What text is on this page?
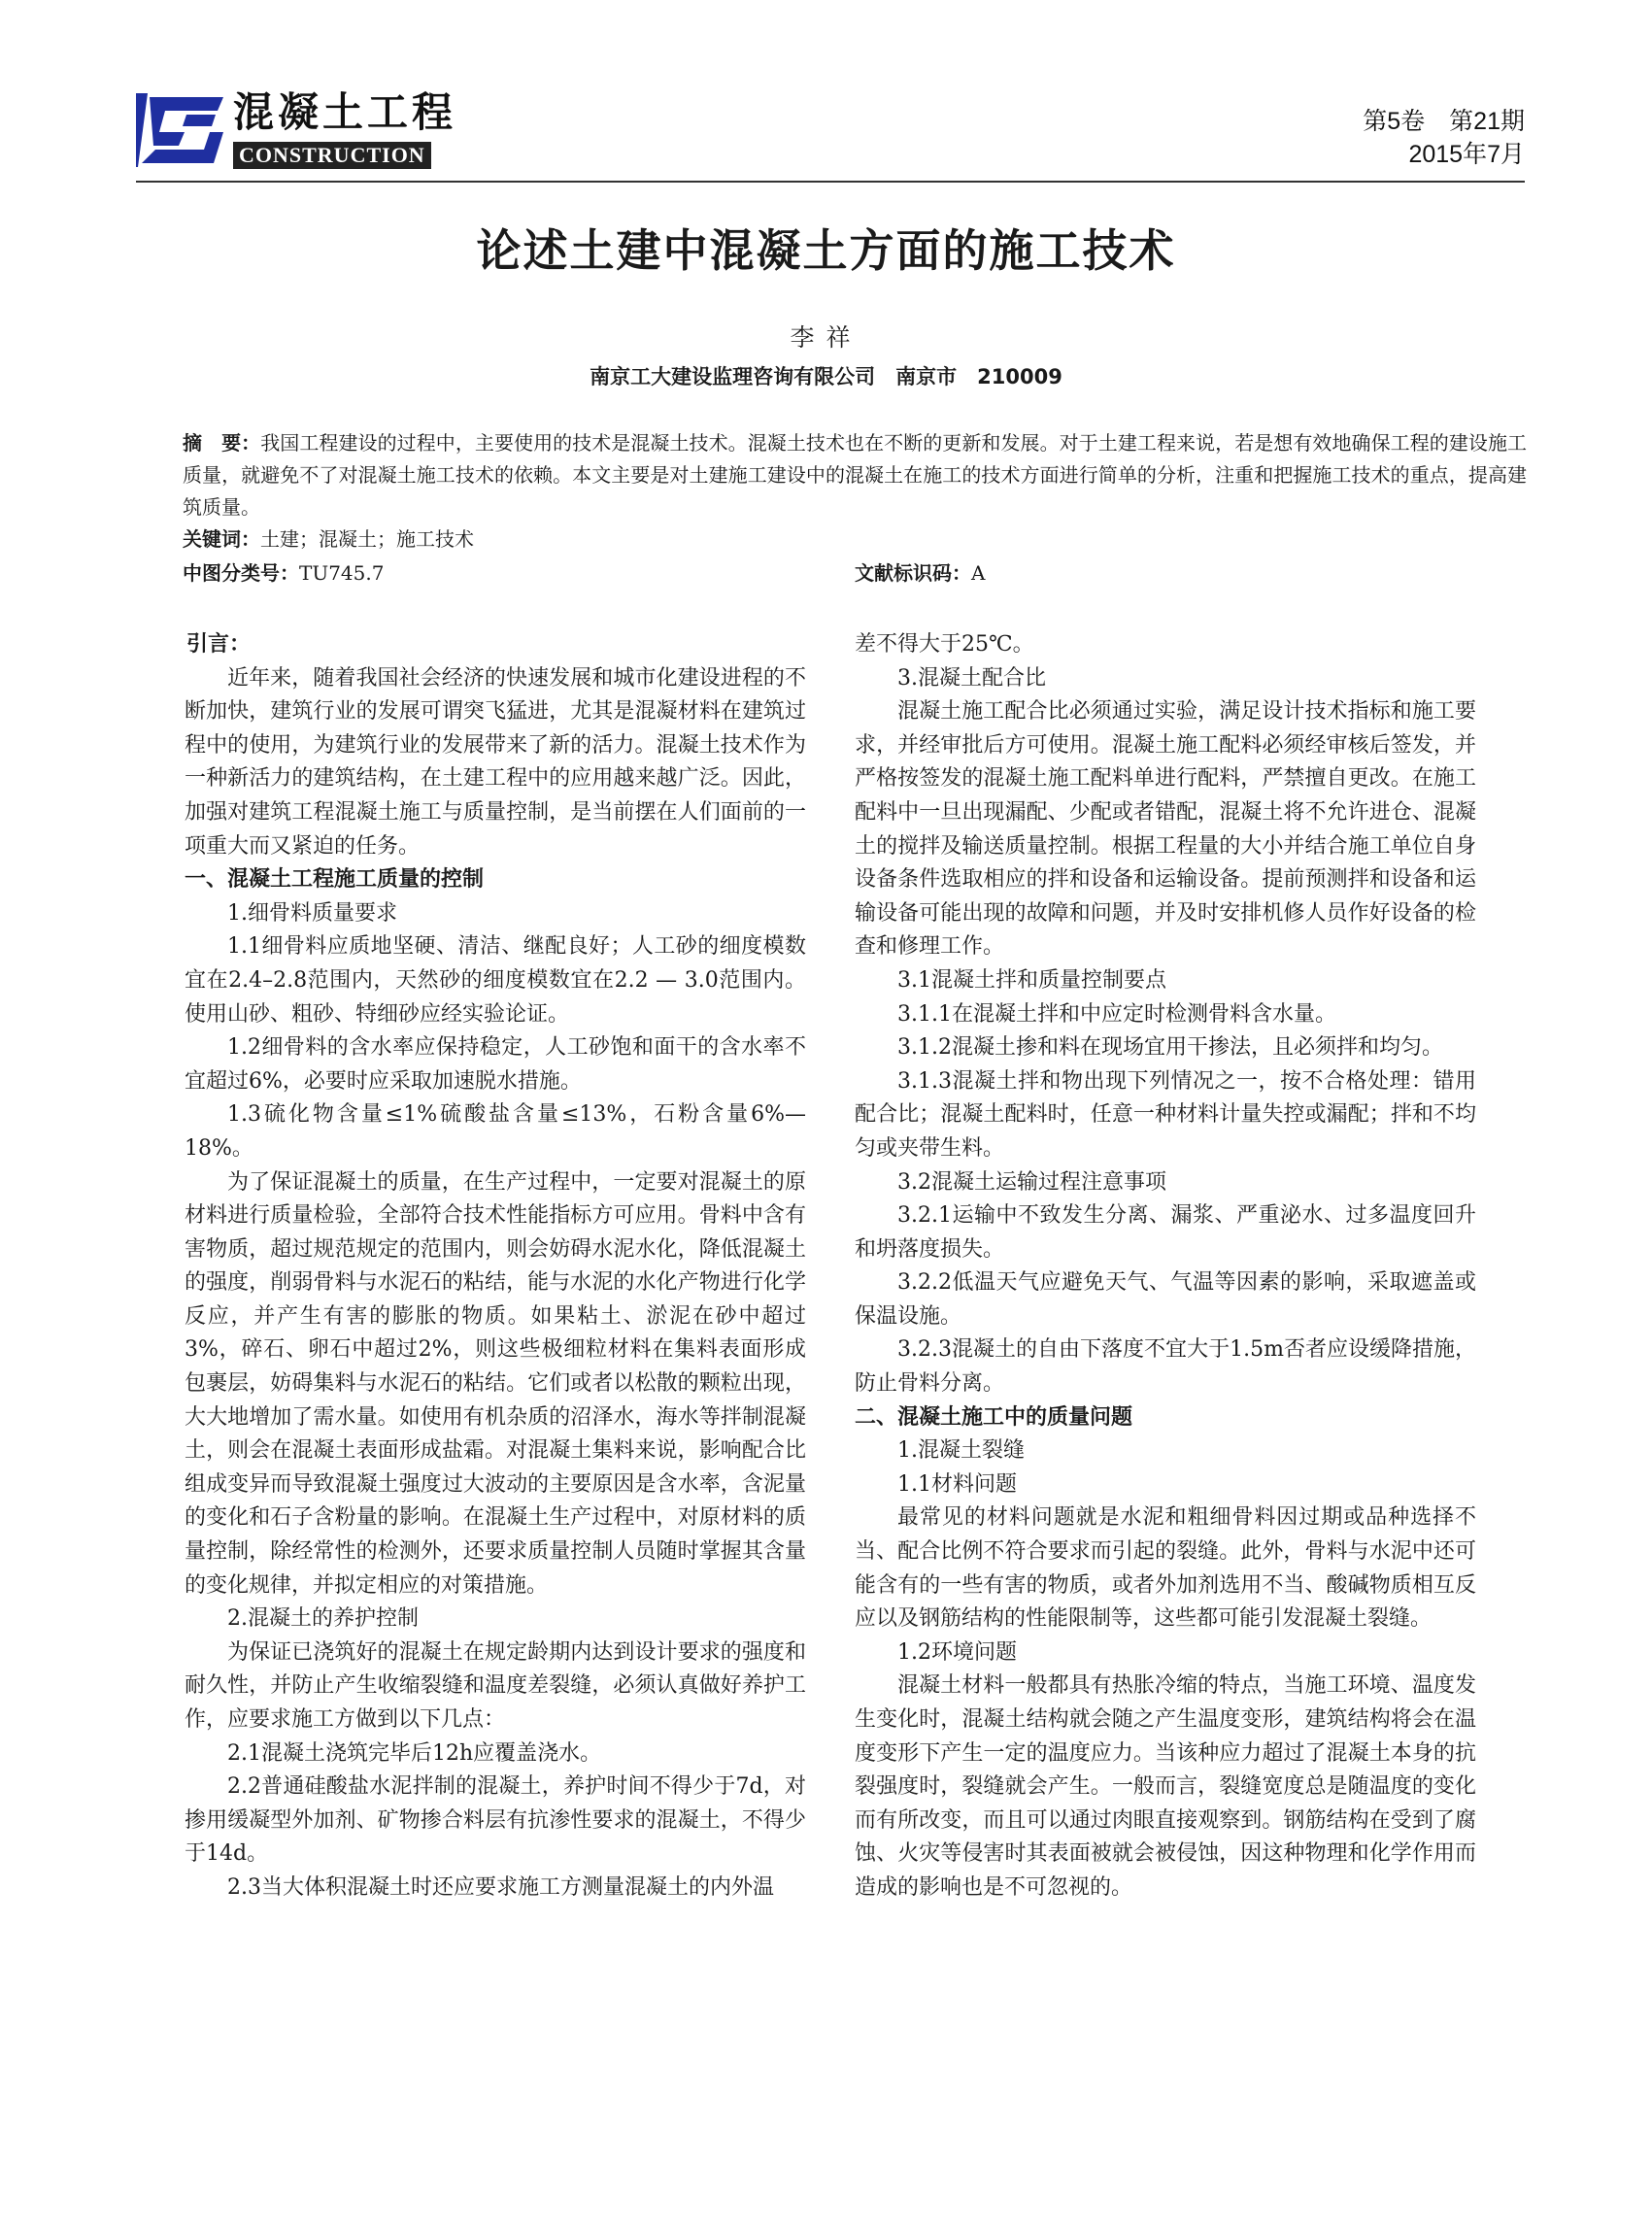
混凝土工程
CONSTRUCTION
第5卷　第21期
2015年7月
论述土建中混凝土方面的施工技术
李祥
南京工大建设监理咨询有限公司　南京市　210009
摘　要：我国工程建设的过程中，主要使用的技术是混凝土技术。混凝土技术也在不断的更新和发展。对于土建工程来说，若是想有效地确保工程的建设施工质量，就避免不了对混凝土施工技术的依赖。本文主要是对土建施工建设中的混凝土在施工的技术方面进行简单的分析，注重和把握施工技术的重点，提高建筑质量。
关键词：土建；混凝土；施工技术
中图分类号：TU745.7	文献标识码：A
引言：

近年来，随着我国社会经济的快速发展和城市化建设进程的不断加快，建筑行业的发展可谓突飞猛进，尤其是混凝材料在建筑过程中的使用，为建筑行业的发展带来了新的活力。混凝土技术作为一种新活力的建筑结构，在土建工程中的应用越来越广泛。因此，加强对建筑工程混凝土施工与质量控制，是当前摆在人们面前的一项重大而又紧迫的任务。

一、混凝土工程施工质量的控制

1.细骨料质量要求

1.1细骨料应质地坚硬、清洁、继配良好；人工砂的细度模数宜在2.4–2.8范围内，天然砂的细度模数宜在2.2 — 3.0范围内。使用山砂、粗砂、特细砂应经实验论证。

1.2细骨料的含水率应保持稳定，人工砂饱和面干的含水率不宜超过6%，必要时应采取加速脱水措施。

1.3硫化物含量≤1%硫酸盐含量≤13%，石粉含量6%—18%。

为了保证混凝土的质量，在生产过程中，一定要对混凝土的原材料进行质量检验，全部符合技术性能指标方可应用。骨料中含有害物质，超过规范规定的范围内，则会妨碍水泥水化，降低混凝土的强度，削弱骨料与水泥石的粘结，能与水泥的水化产物进行化学反应，并产生有害的膨胀的物质。如果粘土、淤泥在砂中超过3%，碎石、卵石中超过2%，则这些极细粒材料在集料表面形成包裹层，妨碍集料与水泥石的粘结。它们或者以松散的颗粒出现，大大地增加了需水量。如使用有机杂质的沼泽水，海水等拌制混凝土，则会在混凝土表面形成盐霜。对混凝土集料来说，影响配合比组成变异而导致混凝土强度过大波动的主要原因是含水率，含泥量的变化和石子含粉量的影响。在混凝土生产过程中，对原材料的质量控制，除经常性的检测外，还要求质量控制人员随时掌握其含量的变化规律，并拟定相应的对策措施。

2.混凝土的养护控制

为保证已浇筑好的混凝土在规定龄期内达到设计要求的强度和耐久性，并防止产生收缩裂缝和温度差裂缝，必须认真做好养护工作，应要求施工方做到以下几点：

2.1混凝土浇筑完毕后12h应覆盖浇水。

2.2普通硅酸盐水泥拌制的混凝土，养护时间不得少于7d，对掺用缓凝型外加剂、矿物掺合料层有抗渗性要求的混凝土，不得少于14d。

2.3当大体积混凝土时还应要求施工方测量混凝土的内外温

差不得大于25℃。

3.混凝土配合比

混凝土施工配合比必须通过实验，满足设计技术指标和施工要求，并经审批后方可使用。混凝土施工配料必须经审核后签发，并严格按签发的混凝土施工配料单进行配料，严禁擅自更改。在施工配料中一旦出现漏配、少配或者错配，混凝土将不允许进仓、混凝土的搅拌及输送质量控制。根据工程量的大小并结合施工单位自身设备条件选取相应的拌和设备和运输设备。提前预测拌和设备和运输设备可能出现的故障和问题，并及时安排机修人员作好设备的检查和修理工作。

3.1混凝土拌和质量控制要点

3.1.1在混凝土拌和中应定时检测骨料含水量。

3.1.2混凝土掺和料在现场宜用干掺法，且必须拌和均匀。

3.1.3混凝土拌和物出现下列情况之一，按不合格处理：错用配合比；混凝土配料时，任意一种材料计量失控或漏配；拌和不均匀或夹带生料。

3.2混凝土运输过程注意事项

3.2.1运输中不致发生分离、漏浆、严重泌水、过多温度回升和坍落度损失。

3.2.2低温天气应避免天气、气温等因素的影响，采取遮盖或保温设施。

3.2.3混凝土的自由下落度不宜大于1.5m否者应设缓降措施，防止骨料分离。

二、混凝土施工中的质量问题

1.混凝土裂缝

1.1材料问题

最常见的材料问题就是水泥和粗细骨料因过期或品种选择不当、配合比例不符合要求而引起的裂缝。此外，骨料与水泥中还可能含有的一些有害的物质，或者外加剂选用不当、酸碱物质相互反应以及钢筋结构的性能限制等，这些都可能引发混凝土裂缝。

1.2环境问题

混凝土材料一般都具有热胀冷缩的特点，当施工环境、温度发生变化时，混凝土结构就会随之产生温度变形，建筑结构将会在温度变形下产生一定的温度应力。当该种应力超过了混凝土本身的抗裂强度时，裂缝就会产生。一般而言，裂缝宽度总是随温度的变化而有所改变，而且可以通过肉眼直接观察到。钢筋结构在受到了腐蚀、火灾等侵害时其表面被就会被侵蚀，因这种物理和化学作用而造成的影响也是不可忽视的。
